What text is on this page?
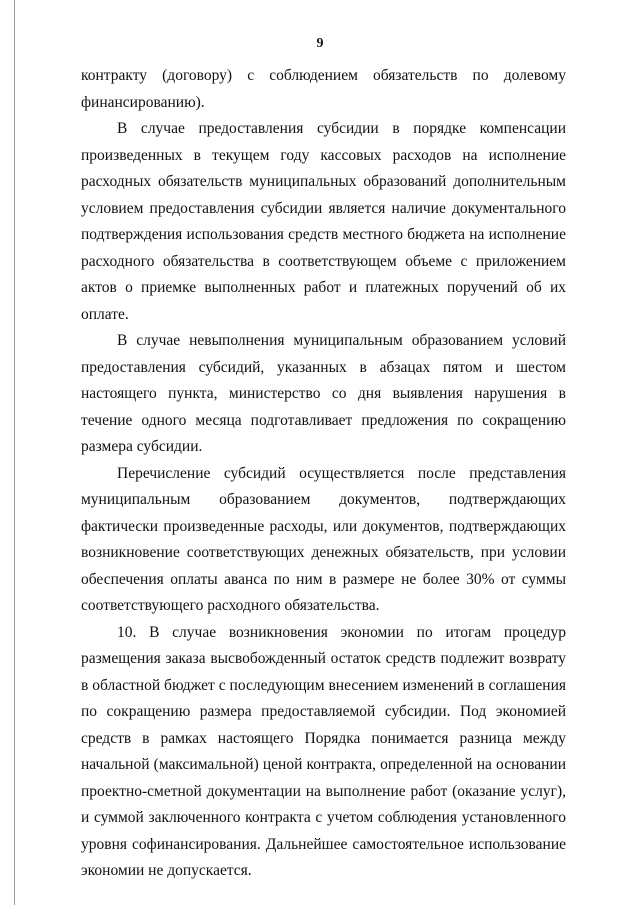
9

контракту (договору) с соблюдением обязательств по долевому финансированию).

В случае предоставления субсидии в порядке компенсации произведенных в текущем году кассовых расходов на исполнение расходных обязательств муниципальных образований дополнительным условием предоставления субсидии является наличие документального подтверждения использования средств местного бюджета на исполнение расходного обязательства в соответствующем объеме с приложением актов о приемке выполненных работ и платежных поручений об их оплате.

В случае невыполнения муниципальным образованием условий предоставления субсидий, указанных в абзацах пятом и шестом настоящего пункта, министерство со дня выявления нарушения в течение одного месяца подготавливает предложения по сокращению размера субсидии.

Перечисление субсидий осуществляется после представления муниципальным образованием документов, подтверждающих фактически произведенные расходы, или документов, подтверждающих возникновение соответствующих денежных обязательств, при условии обеспечения оплаты аванса по ним в размере не более 30% от суммы соответствующего расходного обязательства.

10. В случае возникновения экономии по итогам процедур размещения заказа высвобожденный остаток средств подлежит возврату в областной бюджет с последующим внесением изменений в соглашения по сокращению размера предоставляемой субсидии. Под экономией средств в рамках настоящего Порядка понимается разница между начальной (максимальной) ценой контракта, определенной на основании проектно-сметной документации на выполнение работ (оказание услуг), и суммой заключенного контракта с учетом соблюдения установленного уровня софинансирования. Дальнейшее самостоятельное использование экономии не допускается.
